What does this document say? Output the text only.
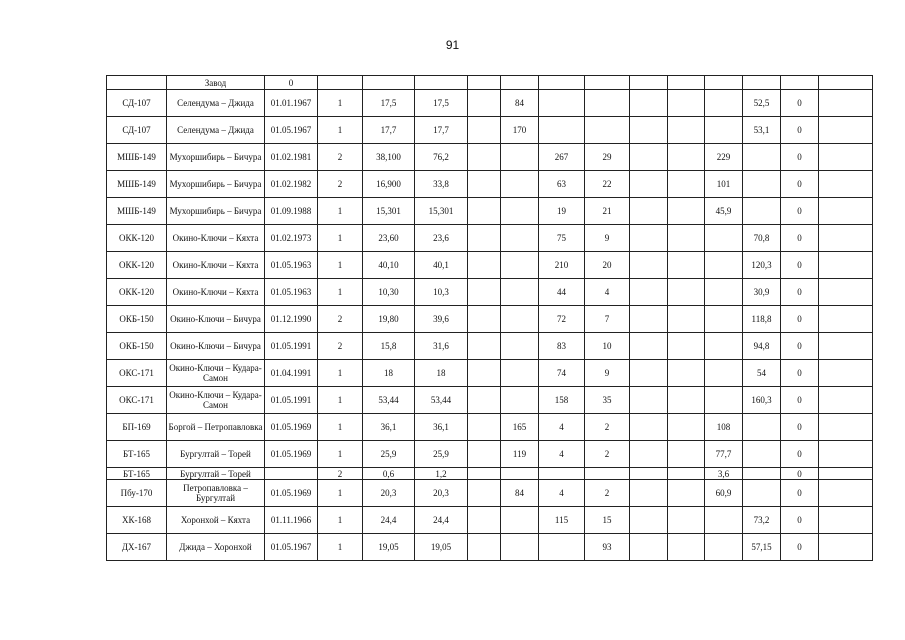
91
	Завод	0													
СД-107	Селендума – Джида	01.01.1967	1	17,5	17,5		84						52,5	0	
СД-107	Селендума – Джида	01.05.1967	1	17,7	17,7		170						53,1	0	
МШБ-149	Мухоршибирь – Бичура	01.02.1981	2	38,100	76,2			267	29			229		0	
МШБ-149	Мухоршибирь – Бичура	01.02.1982	2	16,900	33,8			63	22			101		0	
МШБ-149	Мухоршибирь – Бичура	01.09.1988	1	15,301	15,301			19	21			45,9		0	
ОКК-120	Окино-Ключи – Кяхта	01.02.1973	1	23,60	23,6			75	9				70,8	0	
ОКК-120	Окино-Ключи – Кяхта	01.05.1963	1	40,10	40,1			210	20				120,3	0	
ОКК-120	Окино-Ключи – Кяхта	01.05.1963	1	10,30	10,3			44	4				30,9	0	
ОКБ-150	Окино-Ключи – Бичура	01.12.1990	2	19,80	39,6			72	7				118,8	0	
ОКБ-150	Окино-Ключи – Бичура	01.05.1991	2	15,8	31,6			83	10				94,8	0	
ОКС-171	Окино-Ключи – Кудара-Самон	01.04.1991	1	18	18			74	9				54	0	
ОКС-171	Окино-Ключи – Кудара-Самон	01.05.1991	1	53,44	53,44			158	35				160,3	0	
БП-169	Боргой – Петропавловка	01.05.1969	1	36,1	36,1		165	4	2			108		0	
БТ-165	Бургултай – Торей	01.05.1969	1	25,9	25,9		119	4	2			77,7		0	
БТ-165	Бургултай – Торей		2	0,6	1,2							3,6		0	
Пбу-170	Петропавловка – Бургултай	01.05.1969	1	20,3	20,3		84	4	2			60,9		0	
ХК-168	Хоронхой – Кяхта	01.11.1966	1	24,4	24,4			115	15				73,2	0	
ДХ-167	Джида – Хоронхой	01.05.1967	1	19,05	19,05				93				57,15	0	
